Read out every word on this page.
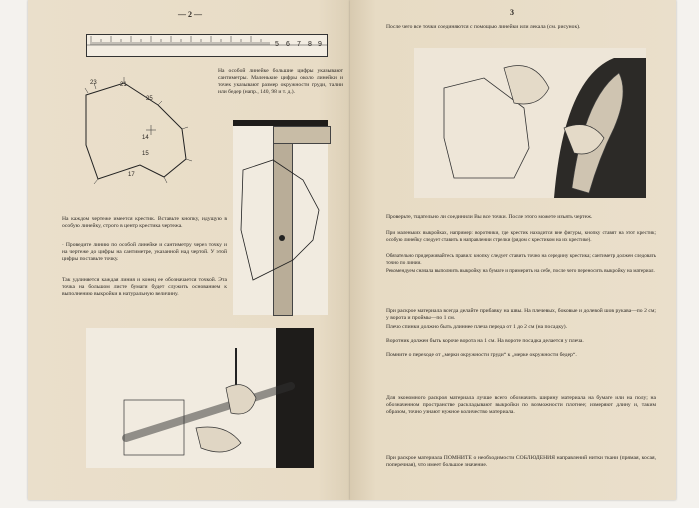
— 2 —
5 6 7 8 9
23	21
25
14
15
17
На особой линейке большие цифры указывают сантиметры. Маленькие цифры около линейки и точек указывают размер окружности груди, талии или бедер (напр., 140, 98 и т. д.).
На каждом чертеже имеется крестик. Вставьте кнопку, идущую в особую линейку, строго в центр крестика чертежа.
· Проведите линию по особой линейке и сантиметру через точку и на чертеже до цифры на сантиметре, указанной над чертой. У этой цифры поставьте точку.
Так удлиняется каждая линия и конец ее обозначается точкой. Эта точка на большом листе бумаги будет служить основанием к выполнению выкройки в натуральную величину.
3
После чего все точки соединяются с помощью линейки или лекала (см. рисунок).
Проверьте, тщательно ли соединили Вы все точки. После этого можете изъять чертеж.
При маленьких выкройках, например: воротники, где крестик находится вне фигуры, кнопку ставят на этот крестик; особую линейку следует ставить в направлении стрелки (рядом с крестиком на их крестике).
Обязательно придерживайтесь правил: кнопку следует ставить точно на середину крестика; сантиметр должен следовать точно по линии.
Рекомендуем сначала выполнить выкройку на бумаге и примерить на себе, после чего переносить выкройку на материал.
При раскрое материала всегда делайте прибавку на швы. На плечевых, боковые и долевой шов рукава—по 2 см; у ворота и проймы—по 1 см.
Плечо спинки должно быть длиннее плеча переда от 1 до 2 см (на посадку).
Воротник должен быть короче ворота на 1 см. На вороте посадка делается у плеча.
Помните о переходе от „мерки окружности груди“ к „мерке окружности бедер“.
Для экономного раскроя материала лучше всего обозначить ширину материала на бумаге или на полу; на обозначенном пространстве раскладывают выкройки по возможности плотнее; измеряют длину и, таким образом, точно узнают нужное количество материала.
При раскрое материала ПОМНИТЕ о необходимости СОБЛЮДЕНИЯ направлений нитки ткани (прямая, косая, поперечная), что имеет большое значение.
